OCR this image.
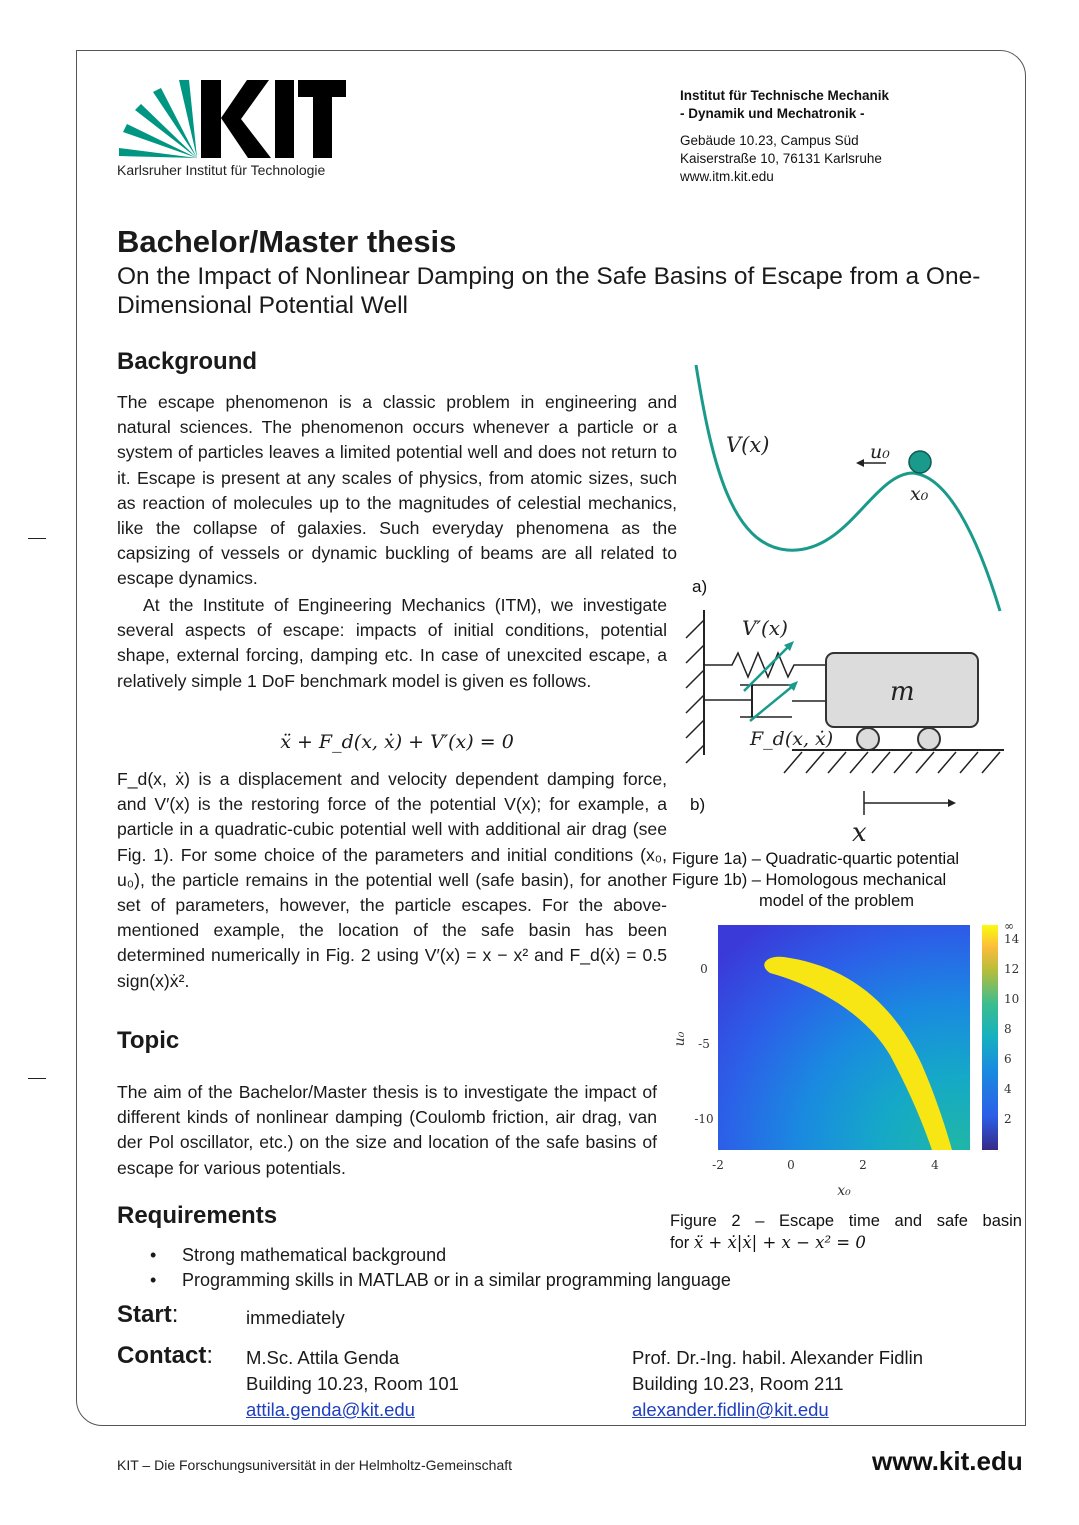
Karlsruher Institut für Technologie
Institut für Technische Mechanik
- Dynamik und Mechatronik -
Gebäude 10.23, Campus Süd
Kaiserstraße 10, 76131 Karlsruhe
www.itm.kit.edu
Bachelor/Master thesis

On the Impact of Nonlinear Damping on the Safe Basins of Escape from a One-Dimensional Potential Well

Background

The escape phenomenon is a classic problem in engineering and natural sciences. The phenomenon occurs whenever a particle or a system of particles leaves a limited potential well and does not return to it. Escape is present at any scales of physics, from atomic sizes, such as reaction of molecules up to the magnitudes of celestial mechanics, like the collapse of galaxies. Such everyday phenomena as the capsizing of vessels or dynamic buckling of beams are all related to escape dynamics.

At the Institute of Engineering Mechanics (ITM), we investigate several aspects of escape: impacts of initial conditions, potential shape, external forcing, damping etc. In case of unexcited escape, a relatively simple 1 DoF benchmark model is given es follows.

ẍ + F_d(x, ẋ) + V′(x) = 0

F_d(x, ẋ) is a displacement and velocity dependent damping force, and V′(x) is the restoring force of the potential V(x); for example, a particle in a quadratic-cubic potential well with additional air drag (see Fig. 1). For some choice of the parameters and initial conditions (x₀, u₀), the particle remains in the potential well (safe basin), for another set of parameters, however, the particle escapes. For the above-mentioned example, the location of the safe basin has been determined numerically in Fig. 2 using V′(x) = x − x² and F_d(ẋ) = 0.5 sign(x)ẋ².

Topic

The aim of the Bachelor/Master thesis is to investigate the impact of different kinds of nonlinear damping (Coulomb friction, air drag, van der Pol oscillator, etc.) on the size and location of the safe basins of escape for various potentials.

Requirements
• Strong mathematical background
• Programming skills in MATLAB or in a similar programming language
Start:	immediately
Contact: M.Sc. Attila Genda
Building 10.23, Room 101
attila.genda@kit.edu
Prof. Dr.-Ing. habil. Alexander Fidlin
Building 10.23, Room 211
alexander.fidlin@kit.edu
V(x)	u₀
x₀
a)
m
V′(x)
F_d(x, ẋ)
b)
x
Figure 1a) – Quadratic-quartic potential
Figure 1b) – Homologous mechanical
model of the problem
∞
14
12
10
8
6
4
2
0
-5
-10
-2	0	2	4
x₀
u₀
Figure 2 – Escape time and safe basin
for ẍ + ẋ|ẋ| + x − x² = 0
KIT – Die Forschungsuniversität in der Helmholtz-Gemeinschaft	www.kit.edu
